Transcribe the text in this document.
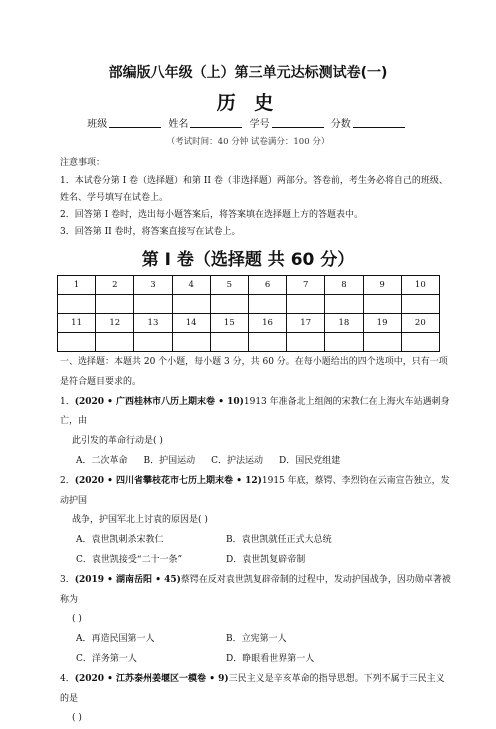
部编版八年级（上）第三单元达标测试卷(一)
历 史
班级	姓名	学号	分数
（考试时间：40 分钟 试卷满分：100 分）
注意事项：
1．本试卷分第 I 卷（选择题）和第 II 卷（非选择题）两部分。答卷前，考生务必将自己的班级、姓名、学号填写在试卷上。
2．回答第 I 卷时，选出每小题答案后，将答案填在选择题上方的答题表中。
3．回答第 II 卷时，将答案直接写在试卷上。
第 I 卷（选择题 共 60 分）
1	2	3	4	5	6	7	8	9	10

11	12	13	14	15	16	17	18	19	20

一、选择题：本题共 20 个小题，每小题 3 分，共 60 分。在每小题给出的四个选项中，只有一项是符合题目要求的。
1．(2020 • 广西桂林市八历上期末卷 • 10)1913 年准备北上组阁的宋教仁在上海火车站遇刺身亡，由
此引发的革命行动是( )
A．二次革命 B．护国运动 C．护法运动 D．国民党组建
2．(2020 • 四川省攀枝花市七历上期末卷 • 12)1915 年底，蔡锷、李烈钧在云南宣告独立，发动护国
战争，护国军北上讨袁的原因是( )
A．袁世凯刺杀宋教仁	B．袁世凯就任正式大总统
C．袁世凯接受“二十一条”	D．袁世凯复辟帝制
3．(2019 • 湖南岳阳 • 45)蔡锷在反对袁世凯复辟帝制的过程中，发动护国战争，因功勋卓著被称为
( )
A．再造民国第一人	B．立宪第一人
C．洋务第一人	D．睁眼看世界第一人
4．(2020 • 江苏泰州姜堰区一模卷 • 9)三民主义是辛亥革命的指导思想。下列不属于三民主义的是
( )
